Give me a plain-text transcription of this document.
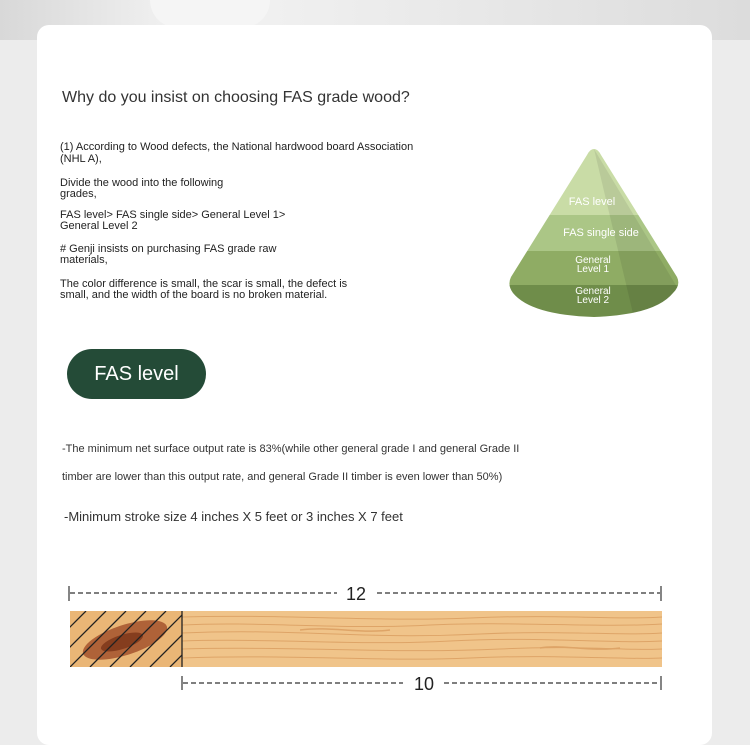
Why do you insist on choosing FAS grade wood?

(1) According to Wood defects, the National hardwood board Association

(NHL A),

Divide the wood into the following

grades,

FAS level> FAS single side> General Level 1>

General Level 2

# Genji insists on purchasing FAS grade raw

materials,

The color difference is small, the scar is small, the defect is

small, and the width of the board is no broken material.

FAS level
FAS single side
General
Level 1
General
Level 2
FAS level

-The minimum net surface output rate is 83%(while other general grade I and general Grade II

timber are lower than this output rate, and general Grade II timber is even lower than 50%)

-Minimum stroke size 4 inches X 5 feet or 3 inches X 7 feet

12
10
